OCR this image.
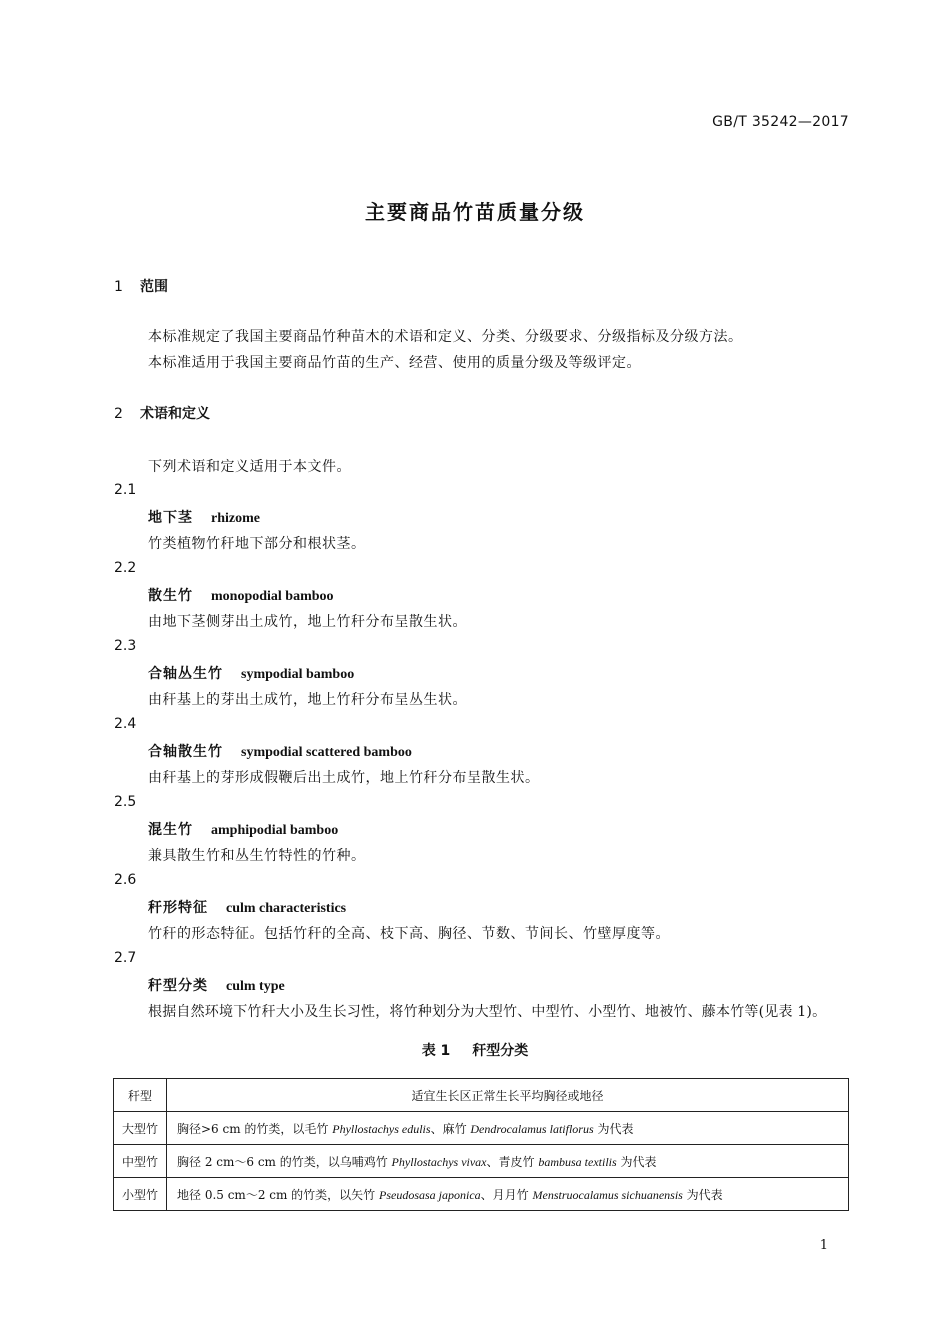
GB/T 35242—2017
主要商品竹苗质量分级
1 范围
本标准规定了我国主要商品竹种苗木的术语和定义、分类、分级要求、分级指标及分级方法。
本标准适用于我国主要商品竹苗的生产、经营、使用的质量分级及等级评定。
2 术语和定义
下列术语和定义适用于本文件。
2.1
地下茎 rhizome
竹类植物竹秆地下部分和根状茎。
2.2
散生竹 monopodial bamboo
由地下茎侧芽出土成竹，地上竹秆分布呈散生状。
2.3
合轴丛生竹 sympodial bamboo
由秆基上的芽出土成竹，地上竹秆分布呈丛生状。
2.4
合轴散生竹 sympodial scattered bamboo
由秆基上的芽形成假鞭后出土成竹，地上竹秆分布呈散生状。
2.5
混生竹 amphipodial bamboo
兼具散生竹和丛生竹特性的竹种。
2.6
秆形特征 culm characteristics
竹秆的形态特征。包括竹秆的全高、枝下高、胸径、节数、节间长、竹壁厚度等。
2.7
秆型分类 culm type
根据自然环境下竹秆大小及生长习性，将竹种划分为大型竹、中型竹、小型竹、地被竹、藤本竹等(见表 1)。
表 1 秆型分类
秆型	适宜生长区正常生长平均胸径或地径
大型竹	胸径>6 cm 的竹类，以毛竹 Phyllostachys edulis、麻竹 Dendrocalamus latiflorus 为代表
中型竹	胸径 2 cm～6 cm 的竹类，以乌哺鸡竹 Phyllostachys vivax、青皮竹 bambusa textilis 为代表
小型竹	地径 0.5 cm～2 cm 的竹类，以矢竹 Pseudosasa japonica、月月竹 Menstruocalamus sichuanensis 为代表
1
